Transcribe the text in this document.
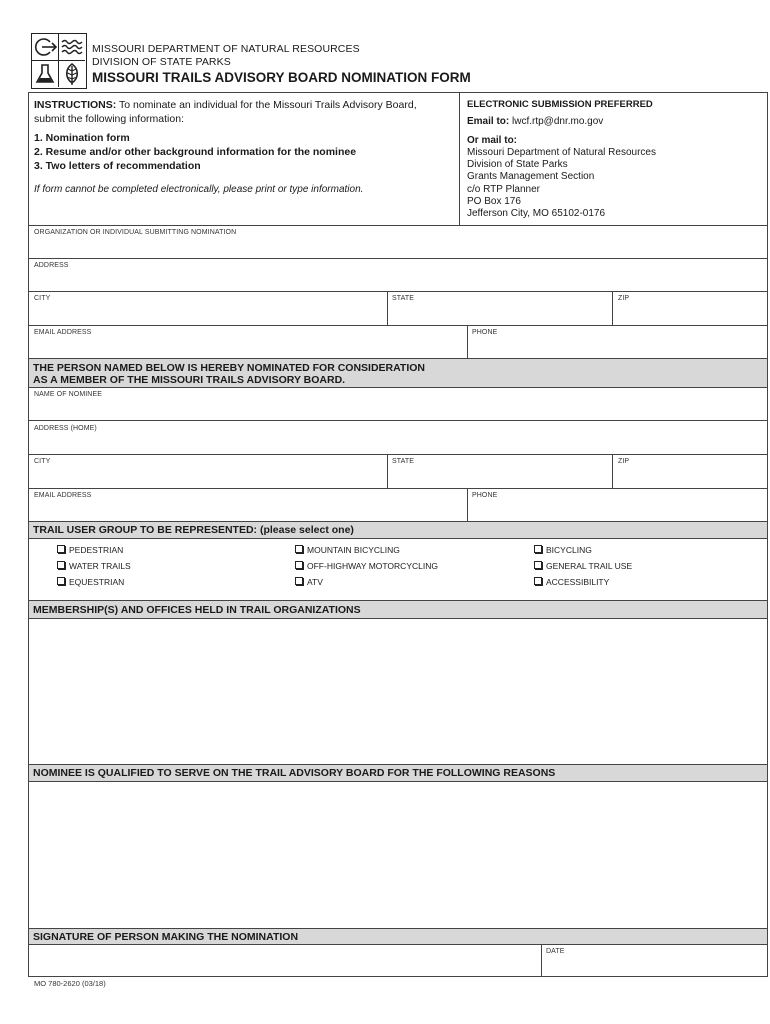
MISSOURI DEPARTMENT OF NATURAL RESOURCES
DIVISION OF STATE PARKS
MISSOURI TRAILS ADVISORY BOARD NOMINATION FORM
INSTRUCTIONS: To nominate an individual for the Missouri Trails Advisory Board,
submit the following information:
1. Nomination form
2. Resume and/or other background information for the nominee
3. Two letters of recommendation
If form cannot be completed electronically, please print or type information.
ELECTRONIC SUBMISSION PREFERRED
Email to: lwcf.rtp@dnr.mo.gov
Or mail to:
Missouri Department of Natural Resources
Division of State Parks
Grants Management Section
c/o RTP Planner
PO Box 176
Jefferson City, MO 65102-0176
ORGANIZATION OR INDIVIDUAL SUBMITTING NOMINATION
ADDRESS
CITY	STATE	ZIP
EMAIL ADDRESS	PHONE
THE PERSON NAMED BELOW IS HEREBY NOMINATED FOR CONSIDERATION
AS A MEMBER OF THE MISSOURI TRAILS ADVISORY BOARD.
NAME OF NOMINEE
ADDRESS (HOME)
CITY	STATE	ZIP
EMAIL ADDRESS	PHONE
TRAIL USER GROUP TO BE REPRESENTED: (please select one)
PEDESTRIAN	MOUNTAIN BICYCLING	BICYCLING
WATER TRAILS	OFF-HIGHWAY MOTORCYCLING	GENERAL TRAIL USE
EQUESTRIAN	ATV	ACCESSIBILITY
MEMBERSHIP(S) AND OFFICES HELD IN TRAIL ORGANIZATIONS
NOMINEE IS QUALIFIED TO SERVE ON THE TRAIL ADVISORY BOARD FOR THE FOLLOWING REASONS
SIGNATURE OF PERSON MAKING THE NOMINATION
DATE
MO 780-2620 (03/18)
